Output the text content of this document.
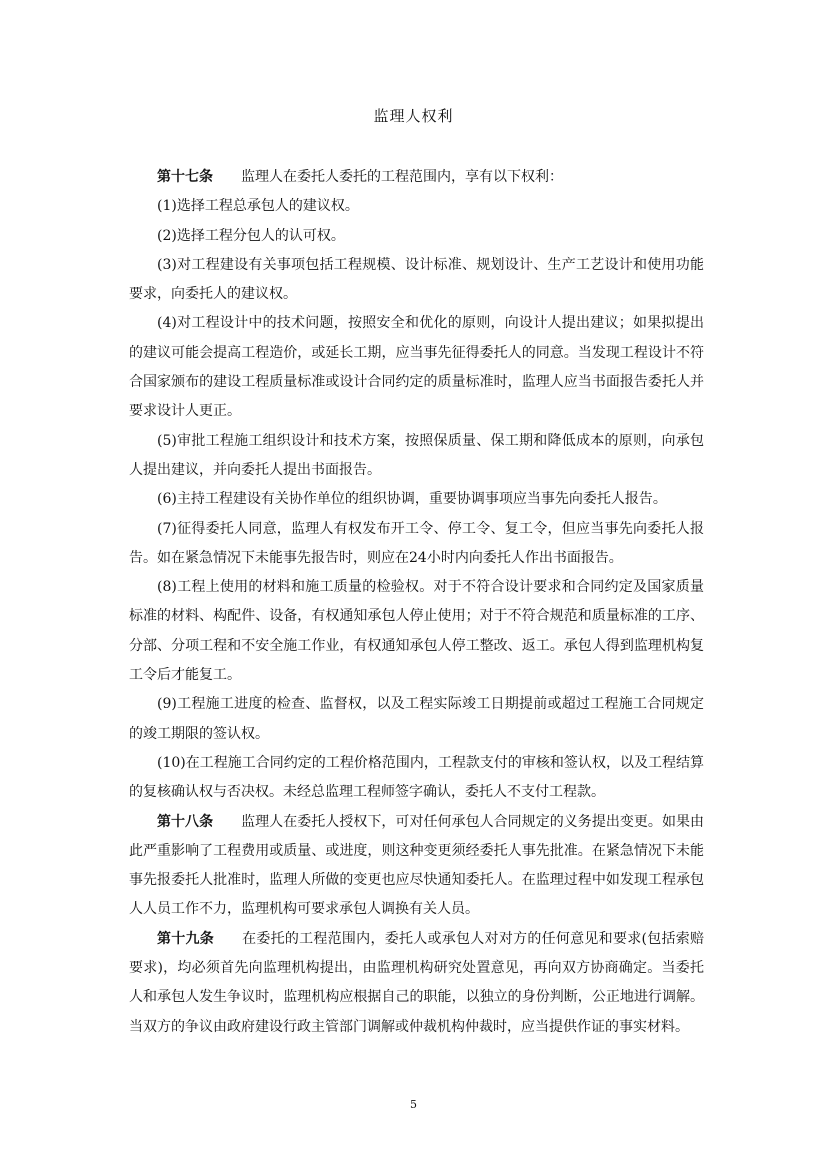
监理人权利

第十七条 监理人在委托人委托的工程范围内，享有以下权利：

(1)选择工程总承包人的建议权。

(2)选择工程分包人的认可权。

(3)对工程建设有关事项包括工程规模、设计标准、规划设计、生产工艺设计和使用功能要求，向委托人的建议权。

(4)对工程设计中的技术问题，按照安全和优化的原则，向设计人提出建议；如果拟提出的建议可能会提高工程造价，或延长工期，应当事先征得委托人的同意。当发现工程设计不符合国家颁布的建设工程质量标准或设计合同约定的质量标准时，监理人应当书面报告委托人并要求设计人更正。

(5)审批工程施工组织设计和技术方案，按照保质量、保工期和降低成本的原则，向承包人提出建议，并向委托人提出书面报告。

(6)主持工程建设有关协作单位的组织协调，重要协调事项应当事先向委托人报告。

(7)征得委托人同意，监理人有权发布开工令、停工令、复工令，但应当事先向委托人报告。如在紧急情况下未能事先报告时，则应在24小时内向委托人作出书面报告。

(8)工程上使用的材料和施工质量的检验权。对于不符合设计要求和合同约定及国家质量标准的材料、构配件、设备，有权通知承包人停止使用；对于不符合规范和质量标准的工序、分部、分项工程和不安全施工作业，有权通知承包人停工整改、返工。承包人得到监理机构复工令后才能复工。

(9)工程施工进度的检查、监督权，以及工程实际竣工日期提前或超过工程施工合同规定的竣工期限的签认权。

(10)在工程施工合同约定的工程价格范围内，工程款支付的审核和签认权，以及工程结算的复核确认权与否决权。未经总监理工程师签字确认，委托人不支付工程款。

第十八条 监理人在委托人授权下，可对任何承包人合同规定的义务提出变更。如果由此严重影响了工程费用或质量、或进度，则这种变更须经委托人事先批准。在紧急情况下未能事先报委托人批准时，监理人所做的变更也应尽快通知委托人。在监理过程中如发现工程承包人人员工作不力，监理机构可要求承包人调换有关人员。

第十九条 在委托的工程范围内，委托人或承包人对对方的任何意见和要求(包括索赔要求)，均必须首先向监理机构提出，由监理机构研究处置意见，再向双方协商确定。当委托人和承包人发生争议时，监理机构应根据自己的职能，以独立的身份判断，公正地进行调解。当双方的争议由政府建设行政主管部门调解或仲裁机构仲裁时，应当提供作证的事实材料。

5
